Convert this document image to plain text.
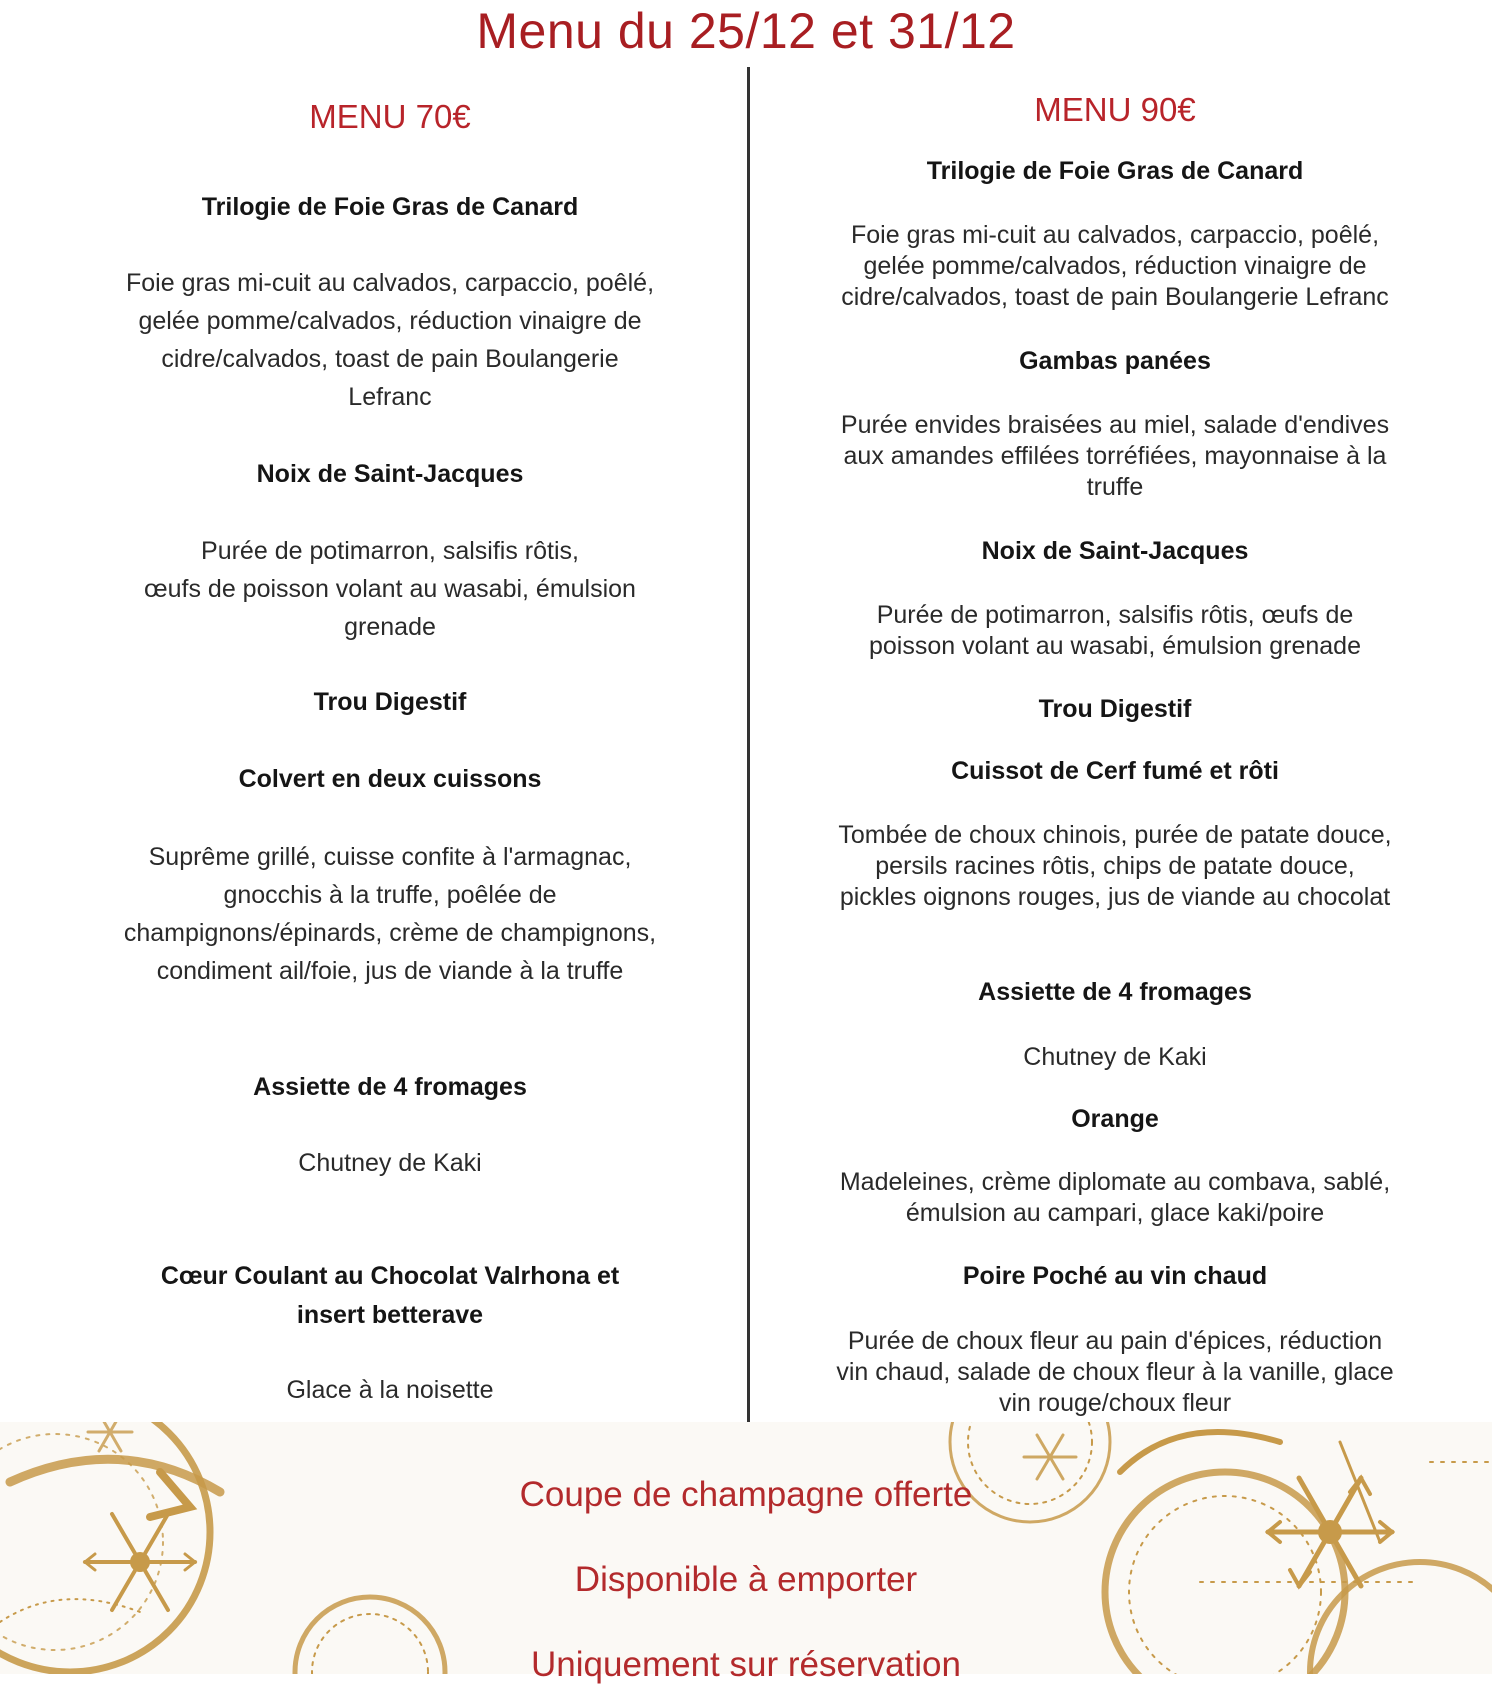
Menu du 25/12 et 31/12
MENU 70€
Trilogie de Foie Gras de Canard
Foie gras mi-cuit au calvados, carpaccio, poêlé,
gelée pomme/calvados, réduction vinaigre de
cidre/calvados, toast de pain Boulangerie
Lefranc
Noix de Saint-Jacques
Purée de potimarron, salsifis rôtis,
œufs de poisson volant au wasabi, émulsion
grenade
Trou Digestif
Colvert en deux cuissons
Suprême grillé, cuisse confite à l'armagnac,
gnocchis à la truffe, poêlée de
champignons/épinards, crème de champignons,
condiment ail/foie, jus de viande à la truffe
Assiette de 4 fromages
Chutney de Kaki
Cœur Coulant au Chocolat Valrhona et
insert betterave
Glace à la noisette
MENU 90€
Trilogie de Foie Gras de Canard
Foie gras mi-cuit au calvados, carpaccio, poêlé,
gelée pomme/calvados, réduction vinaigre de
cidre/calvados, toast de pain Boulangerie Lefranc
Gambas panées
Purée envides braisées au miel, salade d'endives
aux amandes effilées torréfiées, mayonnaise à la
truffe
Noix de Saint-Jacques
Purée de potimarron, salsifis rôtis, œufs de
poisson volant au wasabi, émulsion grenade
Trou Digestif
Cuissot de Cerf fumé et rôti
Tombée de choux chinois, purée de patate douce,
persils racines rôtis, chips de patate douce,
pickles oignons rouges, jus de viande au chocolat
Assiette de 4 fromages
Chutney de Kaki
Orange
Madeleines, crème diplomate au combava, sablé,
émulsion au campari, glace kaki/poire
Poire Poché au vin chaud
Purée de choux fleur au pain d'épices, réduction
vin chaud, salade de choux fleur à la vanille, glace
vin rouge/choux fleur
Coupe de champagne offerte
Disponible à emporter
Uniquement sur réservation
